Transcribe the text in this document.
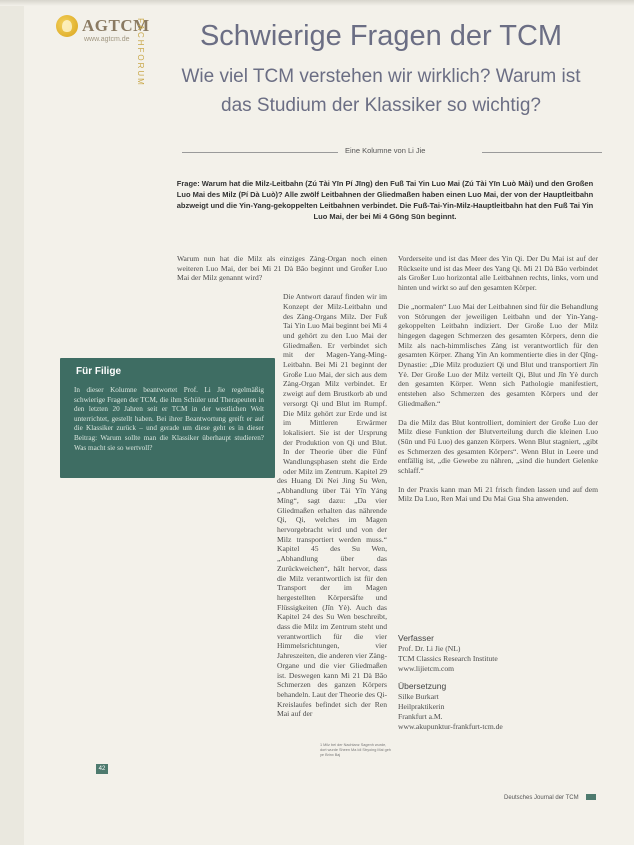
AGTCM
www.agtcm.de FACHFORUM	Schwierige Fragen der TCM
Wie viel TCM verstehen wir wirklich? Warum ist das Studium der Klassiker so wichtig?
Eine Kolumne von Li Jie
Frage: Warum hat die Milz-Leitbahn (Zú Tài Yīn Pí Jīng) den Fuß Tai Yin Luo Mai (Zú Tài Yīn Luò Mài) und den Großen Luo Mai des Milz (Pí Dà Luò)? Alle zwölf Leitbahnen der Gliedmaßen haben einen Luo Mai, der von der Hauptleitbahn abzweigt und die Yin-Yang-gekoppelten Leitbahnen verbindet. Die Fuß-Tai-Yin-Milz-Hauptleitbahn hat den Fuß Tai Yin Luo Mai, der bei Mi 4 Gōng Sūn beginnt.

Warum nun hat die Milz als einziges Zàng-Organ noch einen weiteren Luo Mai, der bei Mi 21 Dà Bāo beginnt und Großer Luo Mai der Milz genannt wird?

Die Antwort darauf finden wir im Konzept der Milz-Leitbahn und des Zàng-Organs Milz. Der Fuß Tai Yin Luo Mai beginnt bei Mi 4 und gehört zu den Luo Mai der Gliedmaßen. Er verbindet sich mit der Magen-Yang-Ming-Leitbahn. Bei Mi 21 beginnt der Große Luo Mai, der sich aus dem Zàng-Organ Milz verbindet. Er zweigt auf dem Brustkorb ab und versorgt Qi und Blut im Rumpf. Die Milz gehört zur Erde und ist im Mittleren Erwärmer lokalisiert. Sie ist der Ursprung der Produktion von Qi und Blut. In der Theorie über die Fünf Wandlungsphasen steht die Erde oder Milz im Zentrum. Kapitel 29 des Huang Di Nei Jing Su Wen, „Abhandlung über Tài Yīn Yáng Míng“, sagt dazu: „Da vier Gliedmaßen erhalten das nährende Qi, Qi, welches im Magen hervorgebracht wird und von der Milz transportiert werden muss.“ Kapitel 45 des Su Wen, „Abhandlung über das Zurückweichen“, hält hervor, dass die Milz verantwortlich ist für den Transport der im Magen hergestellten Körpersäfte und Flüssigkeiten (Jīn Yè). Auch das Kapitel 24 des Su Wen beschreibt, dass die Milz im Zentrum steht und verantwortlich für die vier Himmelsrichtungen, vier Jahreszeiten, die anderen vier Zàng-Organe und die vier Gliedmaßen ist. Deswegen kann Mi 21 Dà Bāo Schmerzen des ganzen Körpers behandeln. Laut der Theorie des Qi-Kreislaufes befindet sich der Ren Mai auf der

Vorderseite und ist das Meer des Yin Qi. Der Du Mai ist auf der Rückseite und ist das Meer des Yang Qi. Mi 21 Dà Bāo verbindet als Großer Luo horizontal alle Leitbahnen rechts, links, vorn und hinten und wirkt so auf den gesamten Körper.

Die „normalen“ Luo Mai der Leitbahnen sind für die Behandlung von Störungen der jeweiligen Leitbahn und der Yin-Yang-gekoppelten Leitbahn indiziert. Der Große Luo der Milz hingegen dagegen Schmerzen des gesamten Körpers, denn die Milz als nach-himmlisches Zàng ist verantwortlich für den gesamten Körper. Zhang Yin An kommentierte dies in der Qīng-Dynastie: „Die Milz produziert Qi und Blut und transportiert Jīn Yè. Der Große Luo der Milz verteilt Qi, Blut und Jīn Yè durch den gesamten Körper. Wenn sich Pathologie manifestiert, entstehen also Schmerzen des gesamten Körpers und der Gliedmaßen.“

Da die Milz das Blut kontrolliert, dominiert der Große Luo der Milz diese Funktion der Blutverteilung durch die kleinen Luo (Sūn und Fú Luo) des ganzen Körpers. Wenn Blut stagniert, „gibt es Schmerzen des gesamten Körpers“. Wenn Blut in Leere und entfällig ist, „die Gewebe zu nähren, „sind die hundert Gelenke schlaff.“

In der Praxis kann man Mi 21 frisch finden lassen und auf dem Milz Da Luo, Ren Mai und Du Mai Gua Sha anwenden.

Für Filige

In dieser Kolumne beantwortet Prof. Li Jie regelmäßig schwierige Fragen der TCM, die ihm Schüler und Therapeuten in den letzten 20 Jahren seit er TCM in der westlichen Welt unterrichtet, gestellt haben. Bei ihrer Beantwortung greift er auf die Klassiker zurück – und gerade um diese geht es in dieser Beitrag: Warum sollte man die Klassiker überhaupt studieren? Was macht sie so wertvoll?

1 Milz bei der Nachtanz Sagenh wurde, dort wurde Sheen Ma Idi Stryoing Mai geh ye Brinx Baj
Verfasser
Prof. Dr. Li Jie (NL)
TCM Classics Research Institute
www.lijietcm.com
Übersetzung
Silke Burkart
Heilpraktikerin
Frankfurt a.M.
www.akupunktur-frankfurt-tcm.de
42
Deutsches Journal der TCM
